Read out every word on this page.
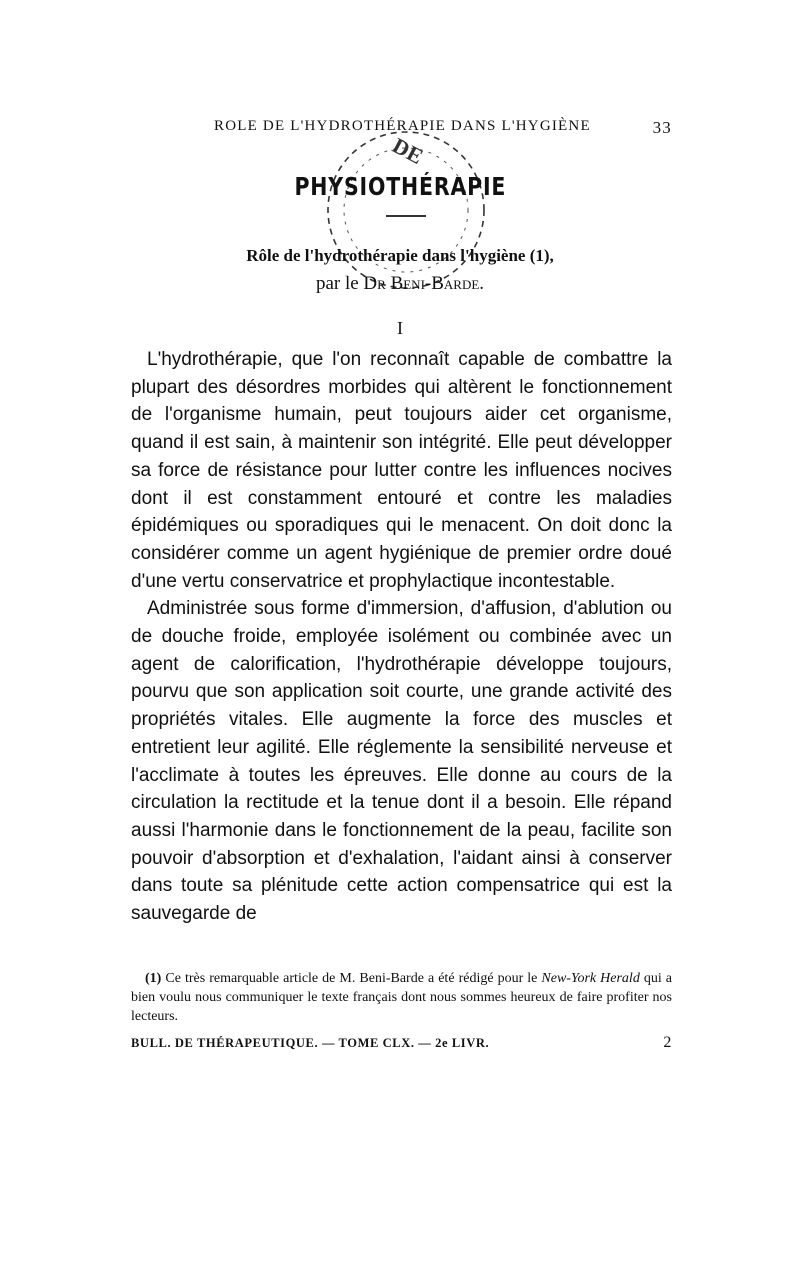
ROLE DE L'HYDROTHÉRAPIE DANS L'HYGIÈNE	33
DE
PHYSIOTHÉRAPIE
Rôle de l'hydrothérapie dans l'hygiène (1),
par le Dr Beni-Barde.
I

L'hydrothérapie, que l'on reconnaît capable de combattre la plupart des désordres morbides qui altèrent le fonctionnement de l'organisme humain, peut toujours aider cet organisme, quand il est sain, à maintenir son intégrité. Elle peut développer sa force de résistance pour lutter contre les influences nocives dont il est constamment entouré et contre les maladies épidémiques ou sporadiques qui le menacent. On doit donc la considérer comme un agent hygiénique de premier ordre doué d'une vertu conservatrice et prophylactique incontestable.

Administrée sous forme d'immersion, d'affusion, d'ablution ou de douche froide, employée isolément ou combinée avec un agent de calorification, l'hydrothérapie développe toujours, pourvu que son application soit courte, une grande activité des propriétés vitales. Elle augmente la force des muscles et entretient leur agilité. Elle réglemente la sensibilité nerveuse et l'acclimate à toutes les épreuves. Elle donne au cours de la circulation la rectitude et la tenue dont il a besoin. Elle répand aussi l'harmonie dans le fonctionnement de la peau, facilite son pouvoir d'absorption et d'exhalation, l'aidant ainsi à conserver dans toute sa plénitude cette action compensatrice qui est la sauvegarde de

(1) Ce très remarquable article de M. Beni-Barde a été rédigé pour le New-York Herald qui a bien voulu nous communiquer le texte français dont nous sommes heureux de faire profiter nos lecteurs.
BULL. DE THÉRAPEUTIQUE. — TOME CLX. — 2e LIVR.	2
